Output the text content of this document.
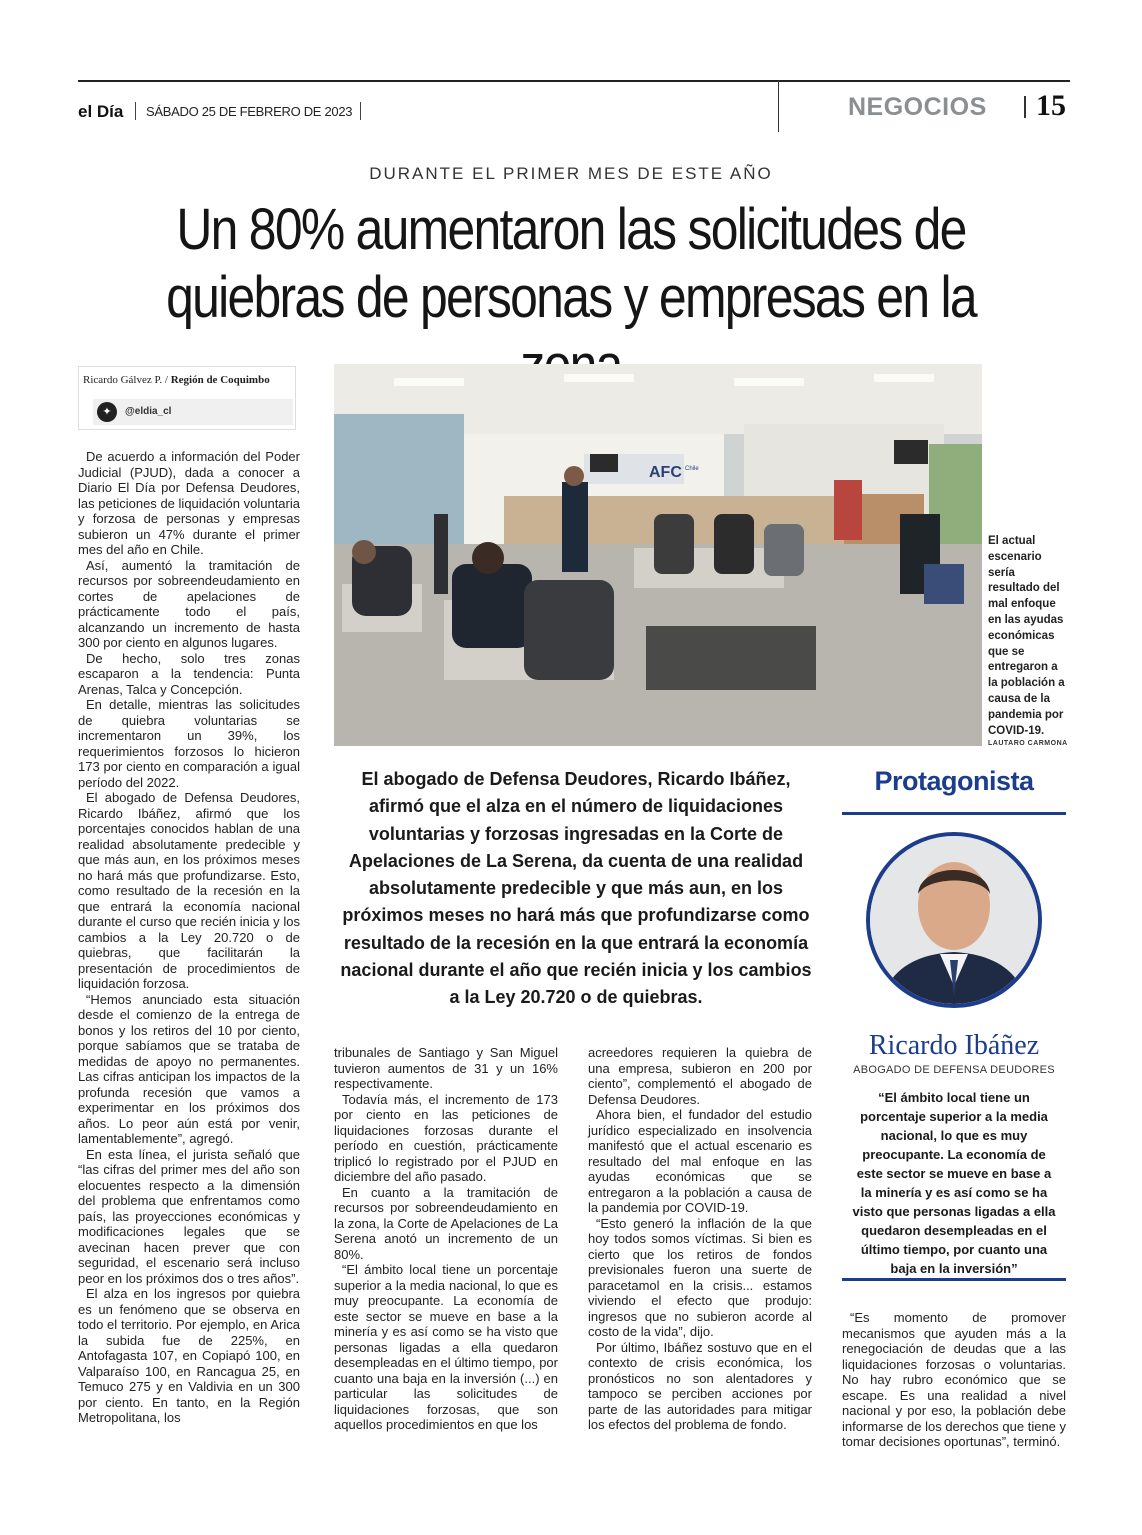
el Día SÁBADO 25 DE FEBRERO DE 2023	NEGOCIOS 15
DURANTE EL PRIMER MES DE ESTE AÑO
Un 80% aumentaron las solicitudes de
quiebras de personas y empresas en la
Ricardo Gálvez P. / Región de Coquimbo
✦	@eldia_cl

De acuerdo a información del Poder Judicial (PJUD), dada a conocer a Diario El Día por Defensa Deudores, las peticiones de liquidación voluntaria y forzosa de personas y empresas subieron un 47% durante el primer mes del año en Chile.

Así, aumentó la tramitación de recursos por sobreendeudamiento en cortes de apelaciones de prácticamente todo el país, alcanzando un incremento de hasta 300 por ciento en algunos lugares.

De hecho, solo tres zonas escaparon a la tendencia: Punta Arenas, Talca y Concepción.

En detalle, mientras las solicitudes de quiebra voluntarias se incrementaron un 39%, los requerimientos forzosos lo hicieron 173 por ciento en comparación a igual período del 2022.

El abogado de Defensa Deudores, Ricardo Ibáñez, afirmó que los porcentajes conocidos hablan de una realidad absolutamente predecible y que más aun, en los próximos meses no hará más que profundizarse. Esto, como resultado de la recesión en la que entrará la economía nacional durante el curso que recién inicia y los cambios a la Ley 20.720 o de quiebras, que facilitarán la presentación de procedimientos de liquidación forzosa.

“Hemos anunciado esta situación desde el comienzo de la entrega de bonos y los retiros del 10 por ciento, porque sabíamos que se trataba de medidas de apoyo no permanentes. Las cifras anticipan los impactos de la profunda recesión que vamos a experimentar en los próximos dos años. Lo peor aún está por venir, lamentablemente”, agregó.

En esta línea, el jurista señaló que “las cifras del primer mes del año son elocuentes respecto a la dimensión del problema que enfrentamos como país, las proyecciones económicas y modificaciones legales que se avecinan hacen prever que con seguridad, el escenario será incluso peor en los próximos dos o tres años”.

El alza en los ingresos por quiebra es un fenómeno que se observa en todo el territorio. Por ejemplo, en Arica la subida fue de 225%, en Antofagasta 107, en Copiapó 100, en Valparaíso 100, en Rancagua 25, en Temuco 275 y en Valdivia en un 300 por ciento. En tanto, en la Región Metropolitana, los

AFC Chile
El actual escenario sería resultado del mal enfoque en las ayudas económicas que se entregaron a la población a causa de la pandemia por COVID-19.
LAUTARO CARMONA
El abogado de Defensa Deudores, Ricardo Ibáñez, afirmó que el alza en el número de liquidaciones voluntarias y forzosas ingresadas en la Corte de Apelaciones de La Serena, da cuenta de una realidad absolutamente predecible y que más aun, en los próximos meses no hará más que profundizarse como resultado de la recesión en la que entrará la economía nacional durante el año que recién inicia y los cambios a la Ley 20.720 o de quiebras.
Protagonista
Ricardo Ibáñez
ABOGADO DE DEFENSA DEUDORES
“El ámbito local tiene un porcentaje superior a la media nacional, lo que es muy preocupante. La economía de este sector se mueve en base a la minería y es así como se ha visto que personas ligadas a ella quedaron desempleadas en el último tiempo, por cuanto una baja en la inversión”

tribunales de Santiago y San Miguel tuvieron aumentos de 31 y un 16% respectivamente.

Todavía más, el incremento de 173 por ciento en las peticiones de liquidaciones forzosas durante el período en cuestión, prácticamente triplicó lo registrado por el PJUD en diciembre del año pasado.

En cuanto a la tramitación de recursos por sobreendeudamiento en la zona, la Corte de Apelaciones de La Serena anotó un incremento de un 80%.

“El ámbito local tiene un porcentaje superior a la media nacional, lo que es muy preocupante. La economía de este sector se mueve en base a la minería y es así como se ha visto que personas ligadas a ella quedaron desempleadas en el último tiempo, por cuanto una baja en la inversión (...) en particular las solicitudes de liquidaciones forzosas, que son aquellos procedimientos en que los

acreedores requieren la quiebra de una empresa, subieron en 200 por ciento”, complementó el abogado de Defensa Deudores.

Ahora bien, el fundador del estudio jurídico especializado en insolvencia manifestó que el actual escenario es resultado del mal enfoque en las ayudas económicas que se entregaron a la población a causa de la pandemia por COVID-19.

“Esto generó la inflación de la que hoy todos somos víctimas. Si bien es cierto que los retiros de fondos previsionales fueron una suerte de paracetamol en la crisis... estamos viviendo el efecto que produjo: ingresos que no subieron acorde al costo de la vida”, dijo.

Por último, Ibáñez sostuvo que en el contexto de crisis económica, los pronósticos no son alentadores y tampoco se perciben acciones por parte de las autoridades para mitigar los efectos del problema de fondo.

“Es momento de promover mecanismos que ayuden más a la renegociación de deudas que a las liquidaciones forzosas o voluntarias. No hay rubro económico que se escape. Es una realidad a nivel nacional y por eso, la población debe informarse de los derechos que tiene y tomar decisiones oportunas”, terminó.
